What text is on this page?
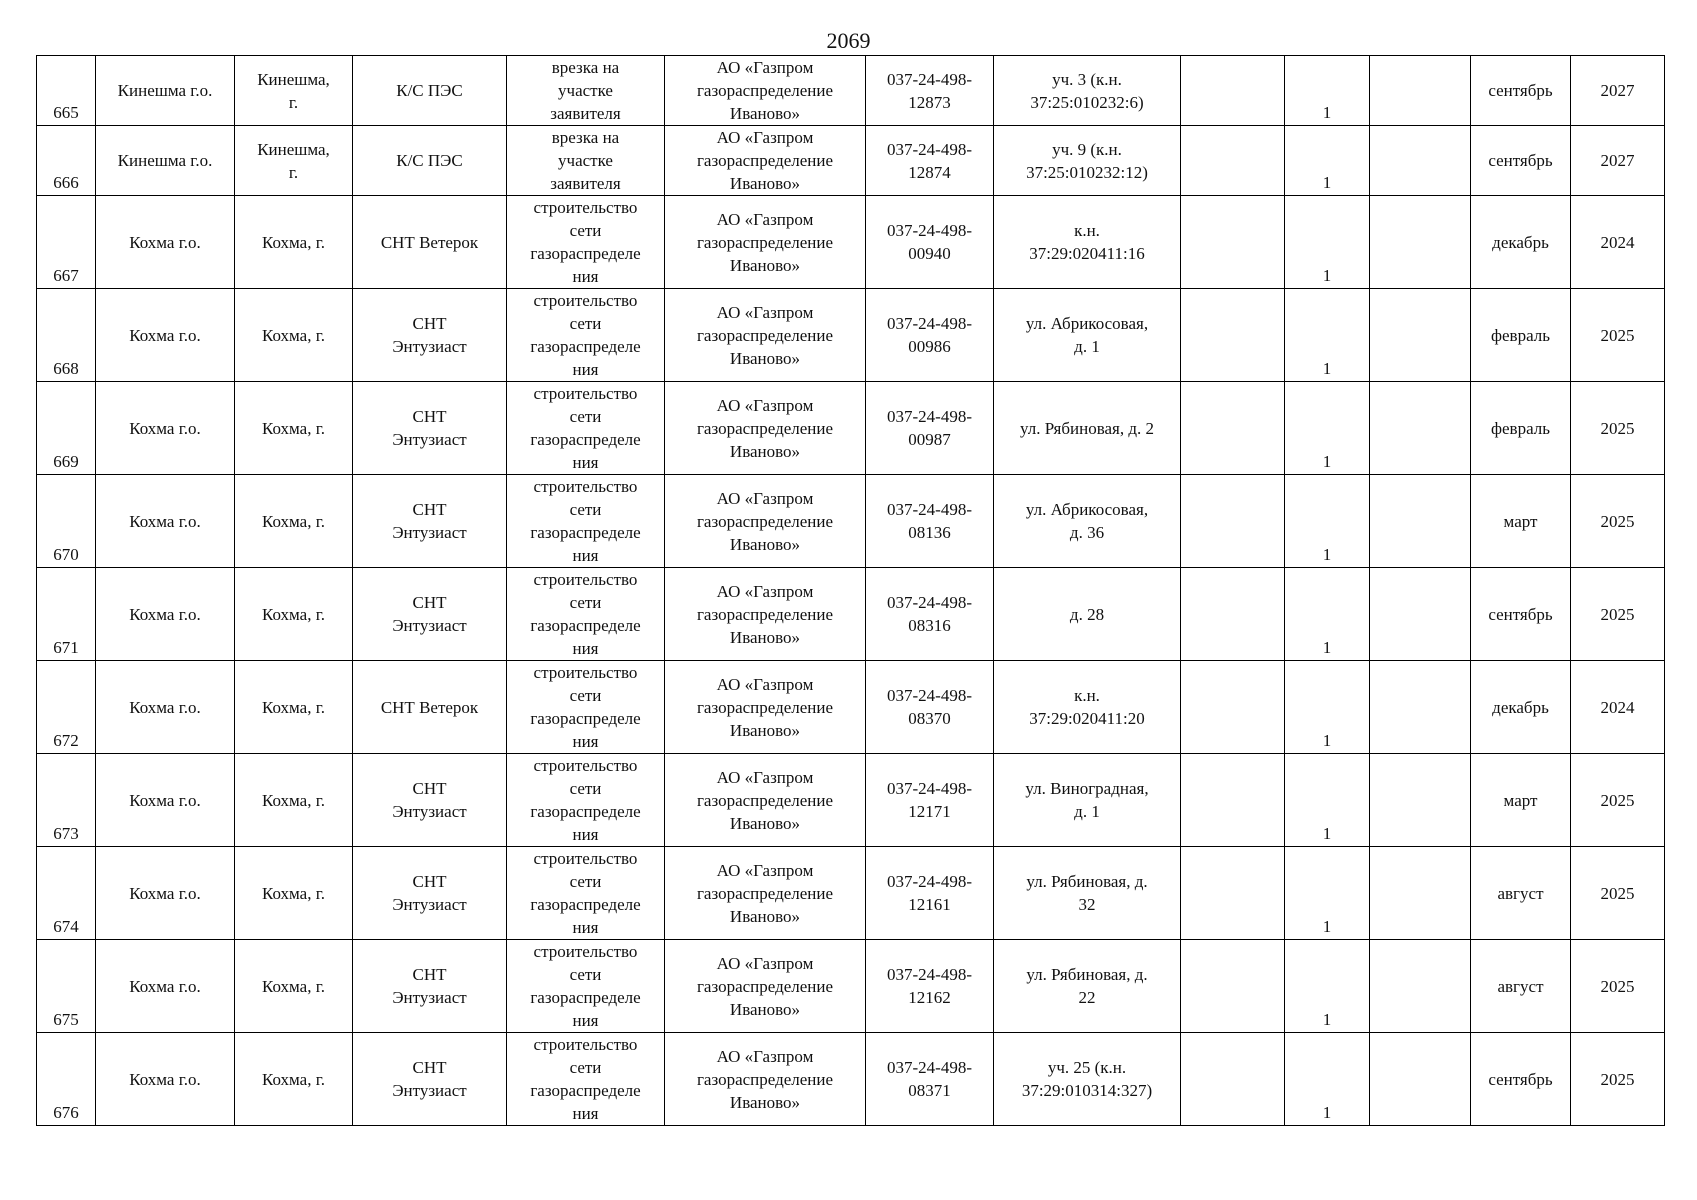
2069
665	Кинешма г.о.	Кинешма,
г.	К/С ПЭС	врезка на
участке
заявителя	АО «Газпром
газораспределение
Иваново»	037-24-498-
12873	уч. 3 (к.н.
37:25:010232:6)		1		сентябрь	2027

666	Кинешма г.о.	Кинешма,
г.	К/С ПЭС	врезка на
участке
заявителя	АО «Газпром
газораспределение
Иваново»	037-24-498-
12874	уч. 9 (к.н.
37:25:010232:12)		1		сентябрь	2027

667	Кохма г.о.	Кохма, г.	СНТ Ветерок	строительство
сети
газораспределе
ния	АО «Газпром
газораспределение
Иваново»	037-24-498-
00940	к.н.
37:29:020411:16		1		декабрь	2024

668	Кохма г.о.	Кохма, г.	СНТ
Энтузиаст	строительство
сети
газораспределе
ния	АО «Газпром
газораспределение
Иваново»	037-24-498-
00986	ул. Абрикосовая,
д. 1		1		февраль	2025

669	Кохма г.о.	Кохма, г.	СНТ
Энтузиаст	строительство
сети
газораспределе
ния	АО «Газпром
газораспределение
Иваново»	037-24-498-
00987	ул. Рябиновая, д. 2		1		февраль	2025

670	Кохма г.о.	Кохма, г.	СНТ
Энтузиаст	строительство
сети
газораспределе
ния	АО «Газпром
газораспределение
Иваново»	037-24-498-
08136	ул. Абрикосовая,
д. 36		1		март	2025

671	Кохма г.о.	Кохма, г.	СНТ
Энтузиаст	строительство
сети
газораспределе
ния	АО «Газпром
газораспределение
Иваново»	037-24-498-
08316	д. 28		1		сентябрь	2025

672	Кохма г.о.	Кохма, г.	СНТ Ветерок	строительство
сети
газораспределе
ния	АО «Газпром
газораспределение
Иваново»	037-24-498-
08370	к.н.
37:29:020411:20		1		декабрь	2024

673	Кохма г.о.	Кохма, г.	СНТ
Энтузиаст	строительство
сети
газораспределе
ния	АО «Газпром
газораспределение
Иваново»	037-24-498-
12171	ул. Виноградная,
д. 1		1		март	2025

674	Кохма г.о.	Кохма, г.	СНТ
Энтузиаст	строительство
сети
газораспределе
ния	АО «Газпром
газораспределение
Иваново»	037-24-498-
12161	ул. Рябиновая, д.
32		1		август	2025

675	Кохма г.о.	Кохма, г.	СНТ
Энтузиаст	строительство
сети
газораспределе
ния	АО «Газпром
газораспределение
Иваново»	037-24-498-
12162	ул. Рябиновая, д.
22		1		август	2025

676	Кохма г.о.	Кохма, г.	СНТ
Энтузиаст	строительство
сети
газораспределе
ния	АО «Газпром
газораспределение
Иваново»	037-24-498-
08371	уч. 25 (к.н.
37:29:010314:327)		1		сентябрь	2025
